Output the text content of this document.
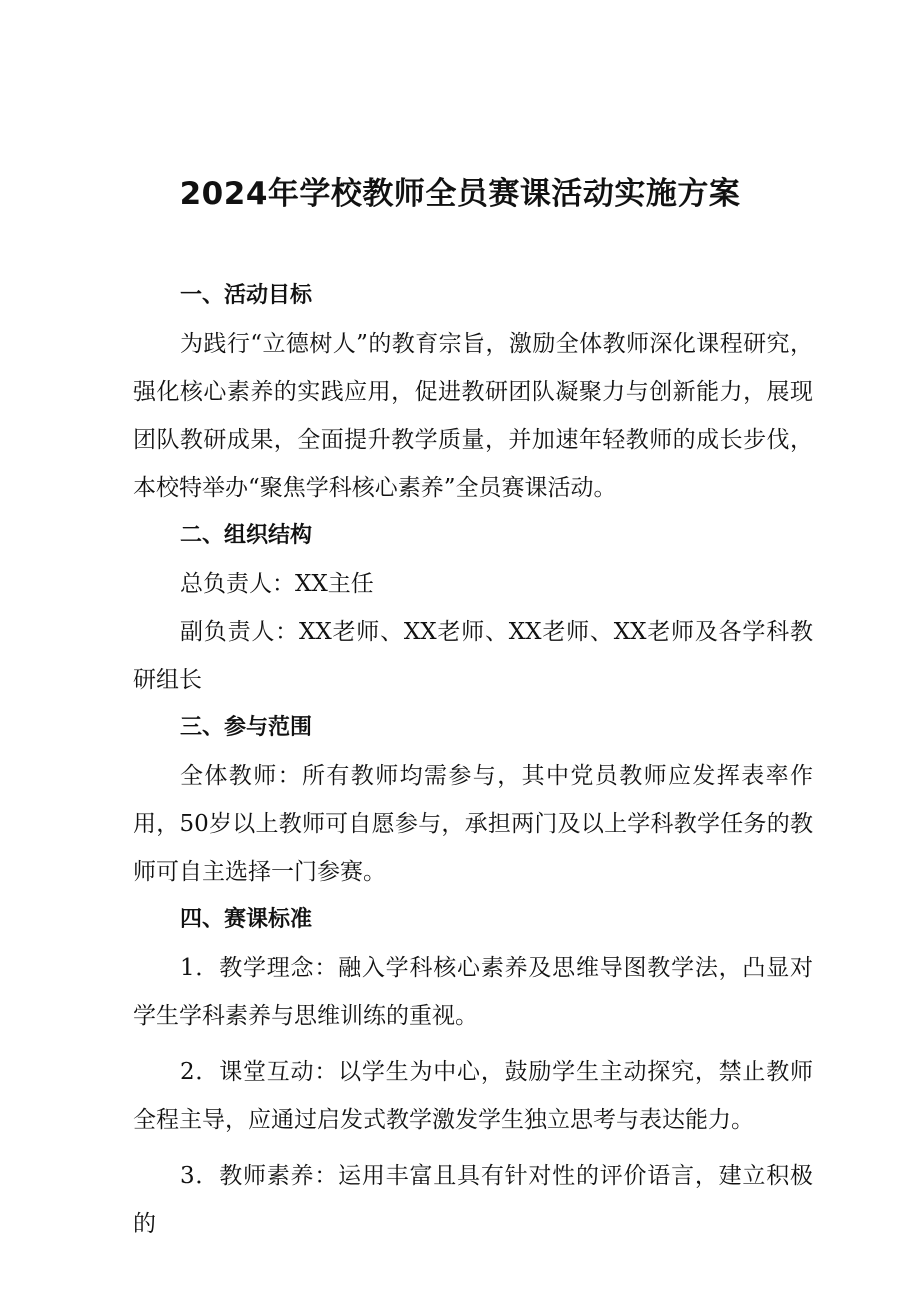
2024年学校教师全员赛课活动实施方案
一、活动目标

为践行“立德树人”的教育宗旨，激励全体教师深化课程研究，强化核心素养的实践应用，促进教研团队凝聚力与创新能力，展现团队教研成果，全面提升教学质量，并加速年轻教师的成长步伐，本校特举办“聚焦学科核心素养”全员赛课活动。

二、组织结构

总负责人：XX主任

副负责人：XX老师、XX老师、XX老师、XX老师及各学科教研组长

三、参与范围

全体教师：所有教师均需参与，其中党员教师应发挥表率作用，50岁以上教师可自愿参与，承担两门及以上学科教学任务的教师可自主选择一门参赛。

四、赛课标准

1．教学理念：融入学科核心素养及思维导图教学法，凸显对学生学科素养与思维训练的重视。

2．课堂互动：以学生为中心，鼓励学生主动探究，禁止教师全程主导，应通过启发式教学激发学生独立思考与表达能力。

3．教师素养：运用丰富且具有针对性的评价语言，建立积极的
